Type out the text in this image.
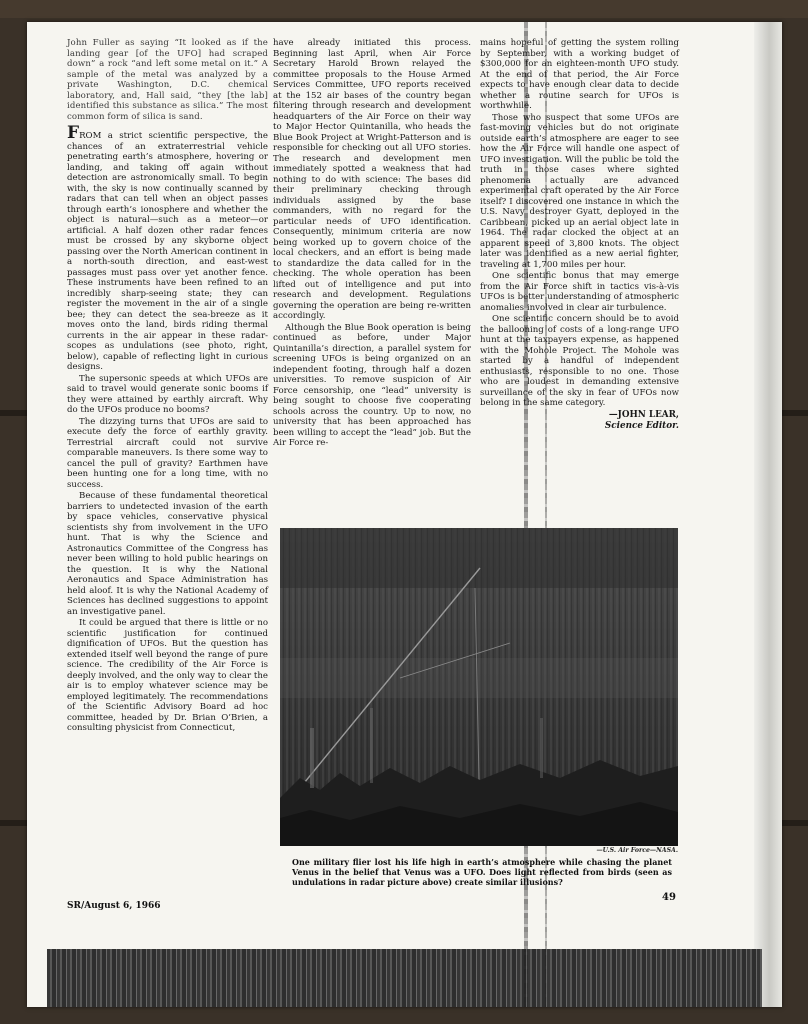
John Fuller as saying “It looked as if the landing gear [of the UFO] had scraped down” a rock “and left some metal on it.” A sample of the metal was analyzed by a private Washington, D.C. chemical laboratory, and, Hall said, “they [the lab] identified this substance as silica.” The most common form of silica is sand.

FROM a strict scientific perspective, the chances of an extraterrestrial vehicle penetrating earth’s atmosphere, hovering or landing, and taking off again without detection are astronomically small. To begin with, the sky is now continually scanned by radars that can tell when an object passes through earth’s ionosphere and whether the object is natural—such as a meteor—or artificial. A half dozen other radar fences must be crossed by any skyborne object passing over the North American continent in a north-south direction, and east-west passages must pass over yet another fence. These instruments have been refined to an incredibly sharp-seeing state; they can register the movement in the air of a single bee; they can detect the sea-breeze as it moves onto the land, birds riding thermal currents in the air appear in these radar-scopes as undulations (see photo, right, below), capable of reflecting light in curious designs.

The supersonic speeds at which UFOs are said to travel would generate sonic booms if they were attained by earthly aircraft. Why do the UFOs produce no booms?

The dizzying turns that UFOs are said to execute defy the force of earthly gravity. Terrestrial aircraft could not survive comparable maneuvers. Is there some way to cancel the pull of gravity? Earthmen have been hunting one for a long time, with no success.

Because of these fundamental theoretical barriers to undetected invasion of the earth by space vehicles, conservative physical scientists shy from involvement in the UFO hunt. That is why the Science and Astronautics Committee of the Congress has never been willing to hold public hearings on the question. It is why the National Aeronautics and Space Administration has held aloof. It is why the National Academy of Sciences has declined suggestions to appoint an investigative panel.

It could be argued that there is little or no scientific justification for continued dignification of UFOs. But the question has extended itself well beyond the range of pure science. The credibility of the Air Force is deeply involved, and the only way to clear the air is to employ whatever science may be employed legitimately. The recommendations of the Scientific Advisory Board ad hoc committee, headed by Dr. Brian O’Brien, a consulting physicist from Connecticut,

have already initiated this process. Beginning last April, when Air Force Secretary Harold Brown relayed the committee proposals to the House Armed Services Committee, UFO reports received at the 152 air bases of the country began filtering through research and development headquarters of the Air Force on their way to Major Hector Quintanilla, who heads the Blue Book Project at Wright-Patterson and is responsible for checking out all UFO stories. The research and development men immediately spotted a weakness that had nothing to do with science: The bases did their preliminary checking through individuals assigned by the base commanders, with no regard for the particular needs of UFO identification. Consequently, minimum criteria are now being worked up to govern choice of the local checkers, and an effort is being made to standardize the data called for in the checking. The whole operation has been lifted out of intelligence and put into research and development. Regulations governing the operation are being re-written accordingly.

Although the Blue Book operation is being continued as before, under Major Quintanilla’s direction, a parallel system for screening UFOs is being organized on an independent footing, through half a dozen universities. To remove suspicion of Air Force censorship, one “lead” university is being sought to choose five cooperating schools across the country. Up to now, no university that has been approached has been willing to accept the “lead” job. But the Air Force re-

mains hopeful of getting the system rolling by September, with a working budget of $300,000 for an eighteen-month UFO study. At the end of that period, the Air Force expects to have enough clear data to decide whether a routine search for UFOs is worthwhile.

Those who suspect that some UFOs are fast-moving vehicles but do not originate outside earth’s atmosphere are eager to see how the Air Force will handle one aspect of UFO investigation. Will the public be told the truth in those cases where sighted phenomena actually are advanced experimental craft operated by the Air Force itself? I discovered one instance in which the U.S. Navy destroyer Gyatt, deployed in the Caribbean, picked up an aerial object late in 1964. The radar clocked the object at an apparent speed of 3,800 knots. The object later was identified as a new aerial fighter, traveling at 1,700 miles per hour.

One scientific bonus that may emerge from the Air Force shift in tactics vis-à-vis UFOs is better understanding of atmospheric anomalies involved in clear air turbulence.

One scientific concern should be to avoid the ballooning of costs of a long-range UFO hunt at the taxpayers expense, as happened with the Mohole Project. The Mohole was started by a handful of independent enthusiasts, responsible to no one. Those who are loudest in demanding extensive surveillance of the sky in fear of UFOs now belong in the same category.

—JOHN LEAR,
Science Editor.
—U.S. Air Force—NASA.
One military flier lost his life high in earth’s atmosphere while chasing the planet Venus in the belief that Venus was a UFO. Does light reflected from birds (seen as undulations in radar picture above) create similar illusions?
SR/August 6, 1966
49
